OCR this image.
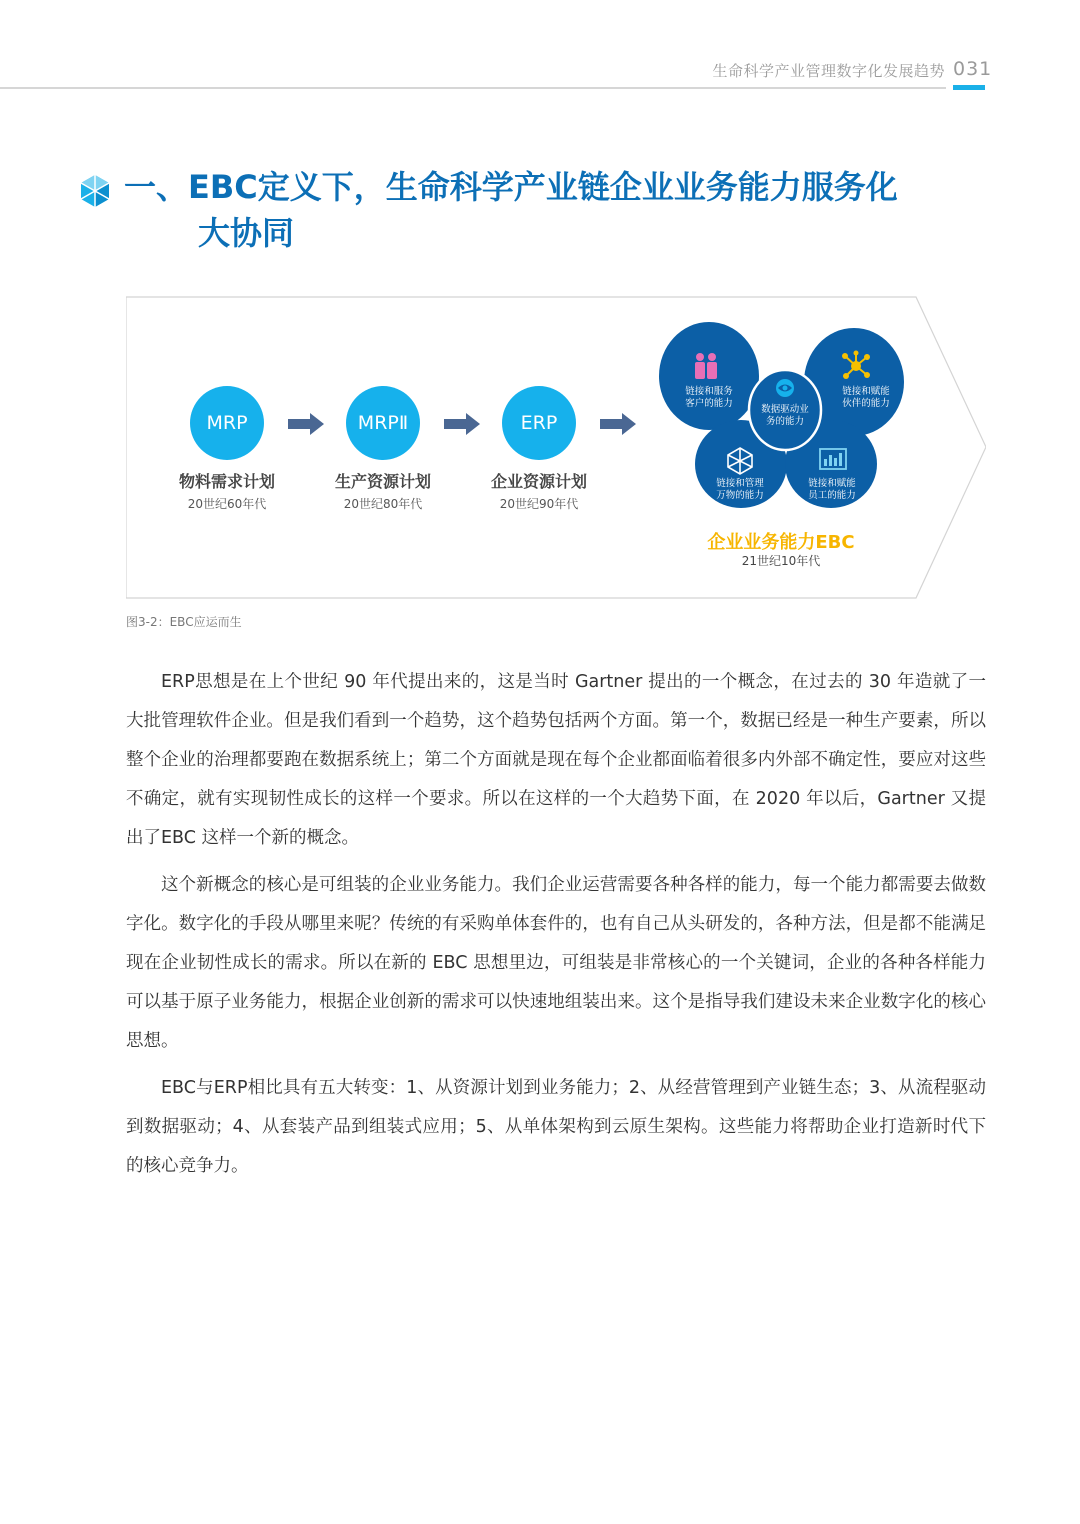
生命科学产业管理数字化发展趋势 031
一、EBC定义下，生命科学产业链企业业务能力服务化
大协同
MRP
物料需求计划
20世纪60年代
MRPⅡ
生产资源计划
20世纪80年代
ERP
企业资源计划
20世纪90年代
链接和服务
客户的能力
链接和赋能
伙伴的能力
数据驱动业
务的能力
链接和管理
万物的能力
链接和赋能
员工的能力
企业业务能力EBC
21世纪10年代
图3-2：EBC应运而生

ERP思想是在上个世纪 90 年代提出来的，这是当时 Gartner 提出的一个概念，在过去的 30 年造就了一大批管理软件企业。但是我们看到一个趋势，这个趋势包括两个方面。第一个，数据已经是一种生产要素，所以整个企业的治理都要跑在数据系统上；第二个方面就是现在每个企业都面临着很多内外部不确定性，要应对这些不确定，就有实现韧性成长的这样一个要求。所以在这样的一个大趋势下面，在 2020 年以后，Gartner 又提出了EBC 这样一个新的概念。

这个新概念的核心是可组装的企业业务能力。我们企业运营需要各种各样的能力，每一个能力都需要去做数字化。数字化的手段从哪里来呢？传统的有采购单体套件的，也有自己从头研发的，各种方法，但是都不能满足现在企业韧性成长的需求。所以在新的 EBC 思想里边，可组装是非常核心的一个关键词，企业的各种各样能力可以基于原子业务能力，根据企业创新的需求可以快速地组装出来。这个是指导我们建设未来企业数字化的核心思想。

EBC与ERP相比具有五大转变：1、从资源计划到业务能力；2、从经营管理到产业链生态；3、从流程驱动到数据驱动；4、从套装产品到组装式应用；5、从单体架构到云原生架构。这些能力将帮助企业打造新时代下的核心竞争力。
